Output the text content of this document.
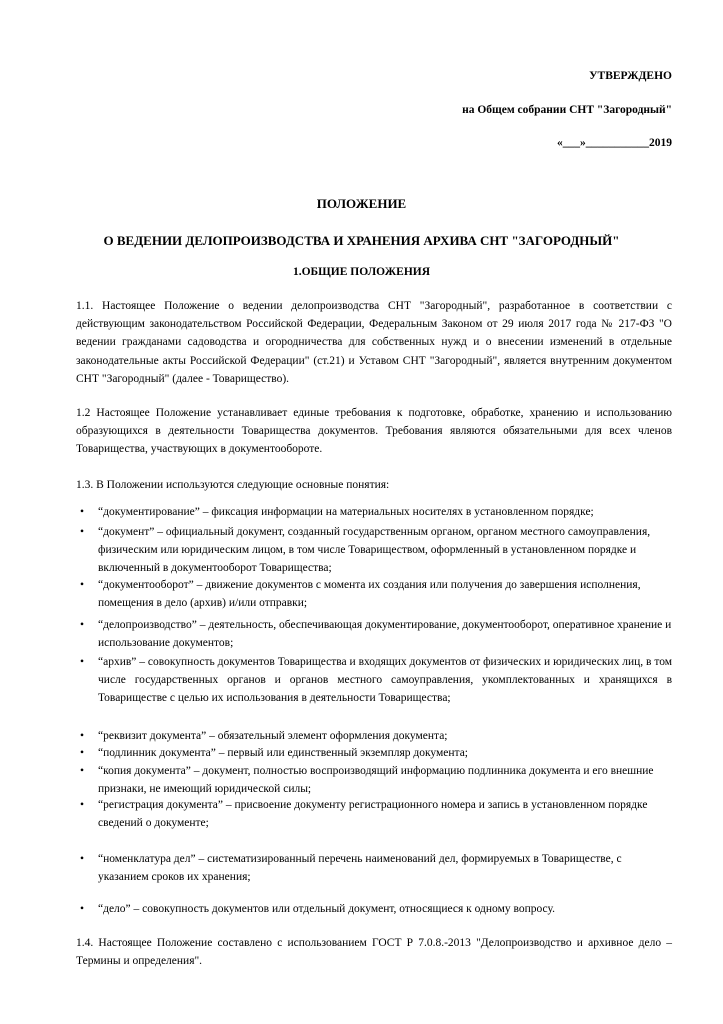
УТВЕРЖДЕНО
на Общем собрании СНТ "Загородный"
«___»___________2019
ПОЛОЖЕНИЕ
О ВЕДЕНИИ ДЕЛОПРОИЗВОДСТВА И ХРАНЕНИЯ АРХИВА СНТ "ЗАГОРОДНЫЙ"
1.ОБЩИЕ ПОЛОЖЕНИЯ
1.1. Настоящее Положение о ведении делопроизводства СНТ "Загородный", разработанное в соответствии с действующим законодательством Российской Федерации, Федеральным Законом от 29 июля 2017 года № 217-ФЗ "О ведении гражданами садоводства и огородничества для собственных нужд и о внесении изменений в отдельные законодательные акты Российской Федерации" (ст.21) и Уставом СНТ "Загородный", является внутренним документом СНТ "Загородный" (далее - Товарищество).
1.2 Настоящее Положение устанавливает единые требования к подготовке, обработке, хранению и использованию образующихся в деятельности Товарищества документов. Требования являются обязательными для всех членов Товарищества, участвующих в документообороте.
1.3. В Положении используются следующие основные понятия:
•	“документирование” – фиксация информации на материальных носителях в установленном порядке;
•	“документ” – официальный документ, созданный государственным органом, органом местного самоуправления, физическим или юридическим лицом, в том числе Товариществом, оформленный в установленном порядке и включенный в документооборот Товарищества;
•	“документооборот” – движение документов с момента их создания или получения до завершения исполнения, помещения в дело (архив) и/или отправки;
•	“делопроизводство” – деятельность, обеспечивающая документирование, документооборот, оперативное хранение и использование документов;
•	“архив” – совокупность документов Товарищества и входящих документов от физических и юридических лиц, в том числе государственных органов и органов местного самоуправления, укомплектованных и хранящихся в Товариществе с целью их использования в деятельности Товарищества;
•	“реквизит документа” – обязательный элемент оформления документа;
•	“подлинник документа” – первый или единственный экземпляр документа;
•	“копия документа” – документ, полностью воспроизводящий информацию подлинника документа и его внешние признаки, не имеющий юридической силы;
•	“регистрация документа” – присвоение документу регистрационного номера и запись в установленном порядке сведений о документе;
•	“номенклатура дел” – систематизированный перечень наименований дел, формируемых в Товариществе, с указанием сроков их хранения;
•	“дело” – совокупность документов или отдельный документ, относящиеся к одному вопросу.
1.4. Настоящее Положение составлено с использованием ГОСТ Р 7.0.8.-2013 "Делопроизводство и архивное дело – Термины и определения".
